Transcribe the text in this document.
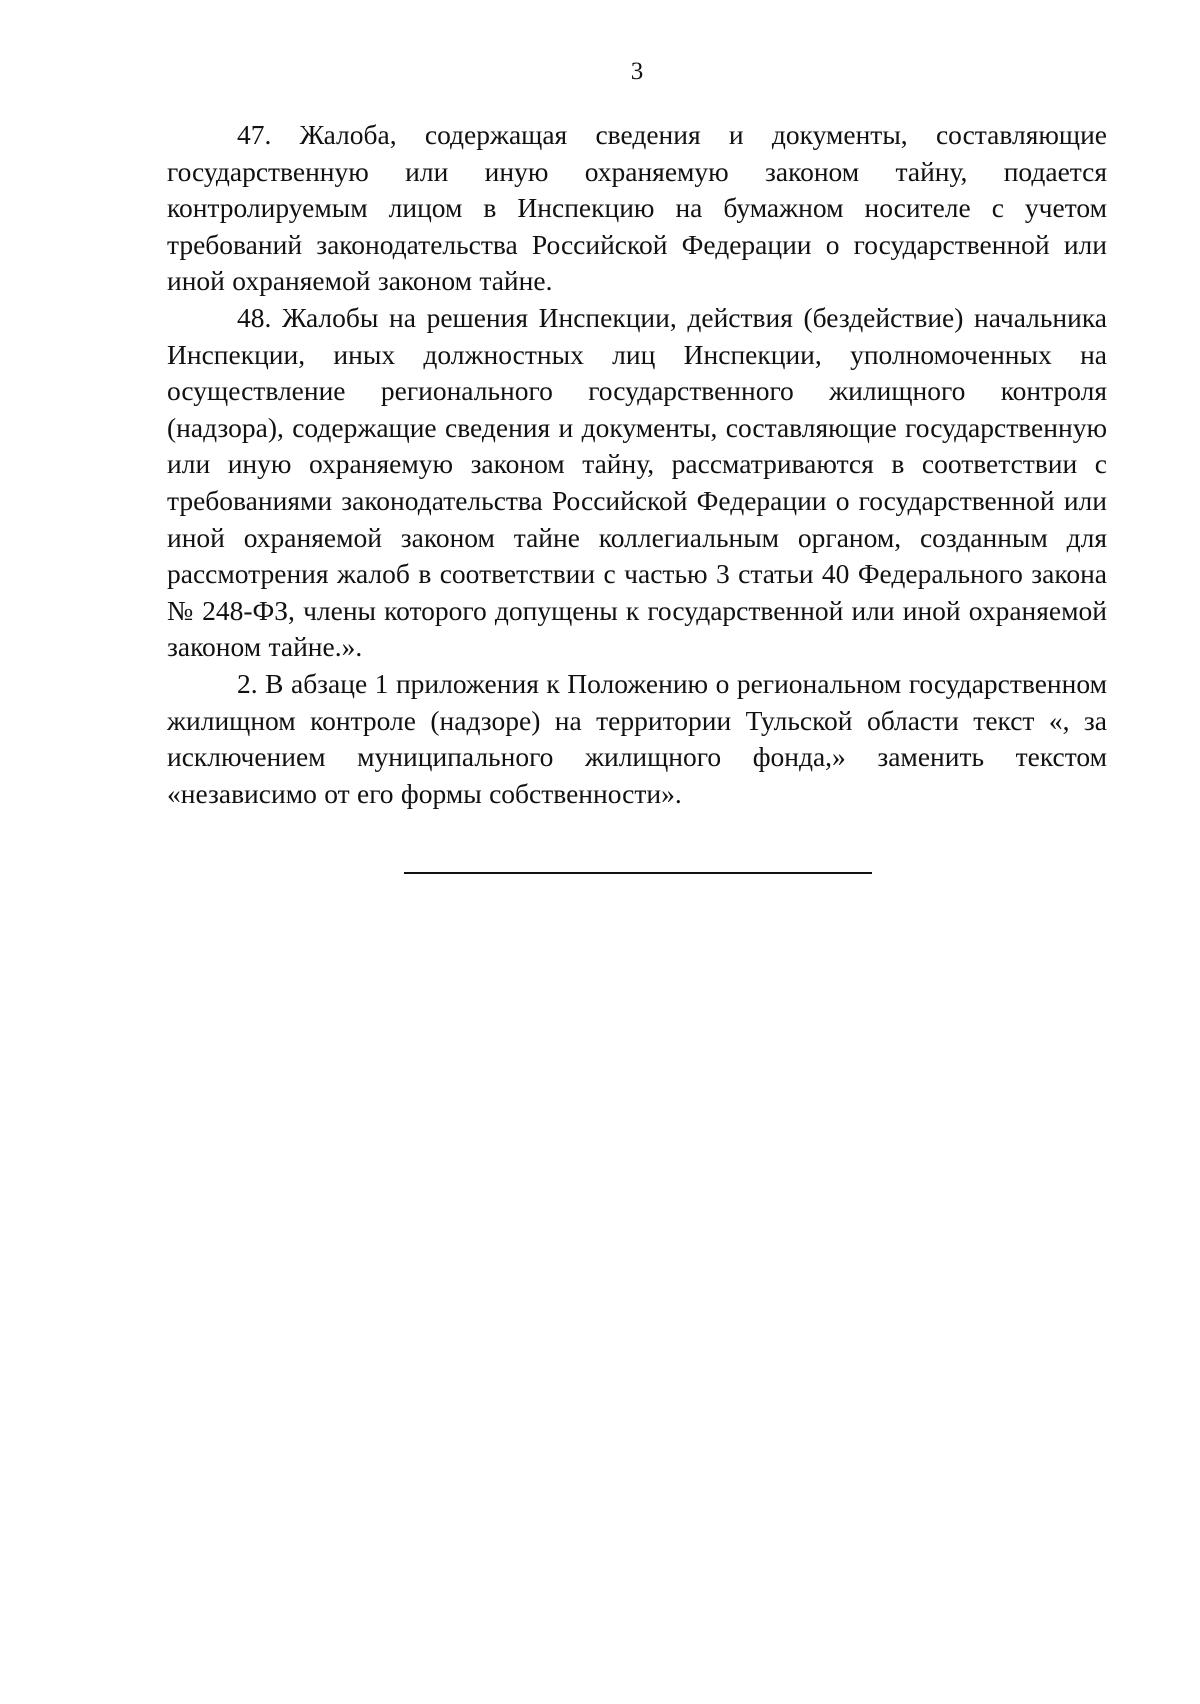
3

47. Жалоба, содержащая сведения и документы, составляющие государственную или иную охраняемую законом тайну, подается контролируемым лицом в Инспекцию на бумажном носителе с учетом требований законодательства Российской Федерации о государственной или иной охраняемой законом тайне.

48. Жалобы на решения Инспекции, действия (бездействие) начальника Инспекции, иных должностных лиц Инспекции, уполномоченных на осуществление регионального государственного жилищного контроля (надзора), содержащие сведения и документы, составляющие государственную или иную охраняемую законом тайну, рассматриваются в соответствии с требованиями законодательства Российской Федерации о государственной или иной охраняемой законом тайне коллегиальным органом, созданным для рассмотрения жалоб в соответствии с частью 3 статьи 40 Федерального закона № 248-ФЗ, члены которого допущены к государственной или иной охраняемой законом тайне.».

2. В абзаце 1 приложения к Положению о региональном государственном жилищном контроле (надзоре) на территории Тульской области текст «, за исключением муниципального жилищного фонда,» заменить текстом «независимо от его формы собственности».
